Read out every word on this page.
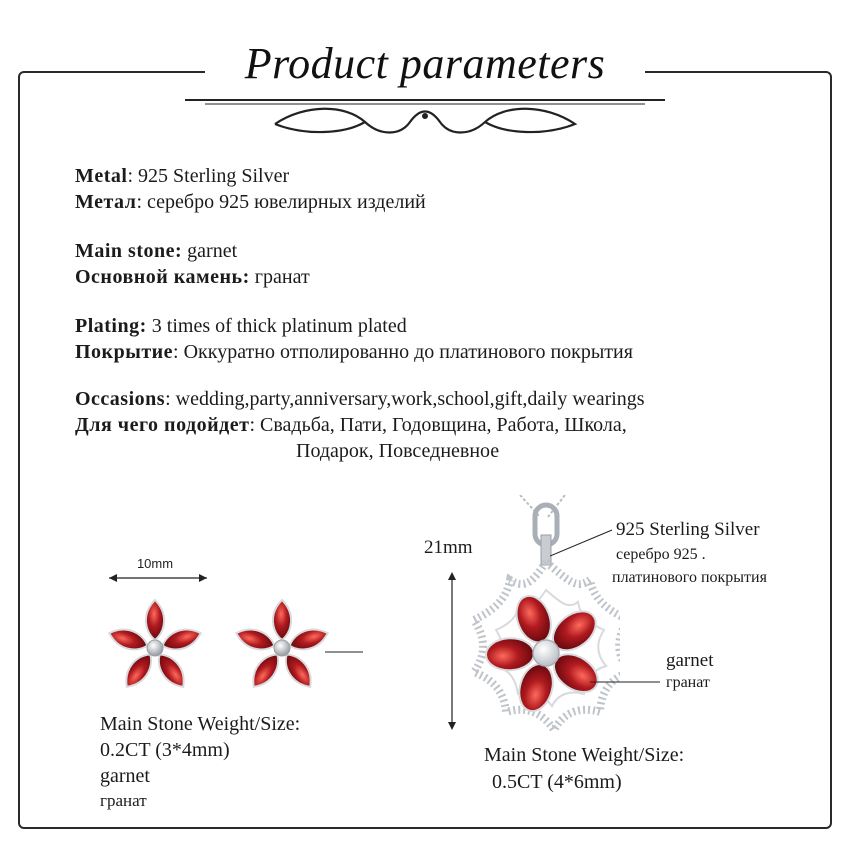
Product parameters
Metal: 925 Sterling Silver
Метал: серебро 925 ювелирных изделий
Main stone: garnet
Основной камень: гранат
Plating: 3 times of thick platinum plated
Покрытие: Оккуратно отполированно до платинового покрытия
Occasions: wedding,party,anniversary,work,school,gift,daily wearings
Для чего подойдет: Свадьба, Пати, Годовщина, Работа, Школа,
Подарок, Повседневное
10mm
Main Stone Weight/Size:
0.2CT (3*4mm)
garnet
гранат
21mm
925 Sterling Silver
серебро 925 .
платинового покрытия
garnet
гранат
Main Stone Weight/Size:
0.5CT (4*6mm)
